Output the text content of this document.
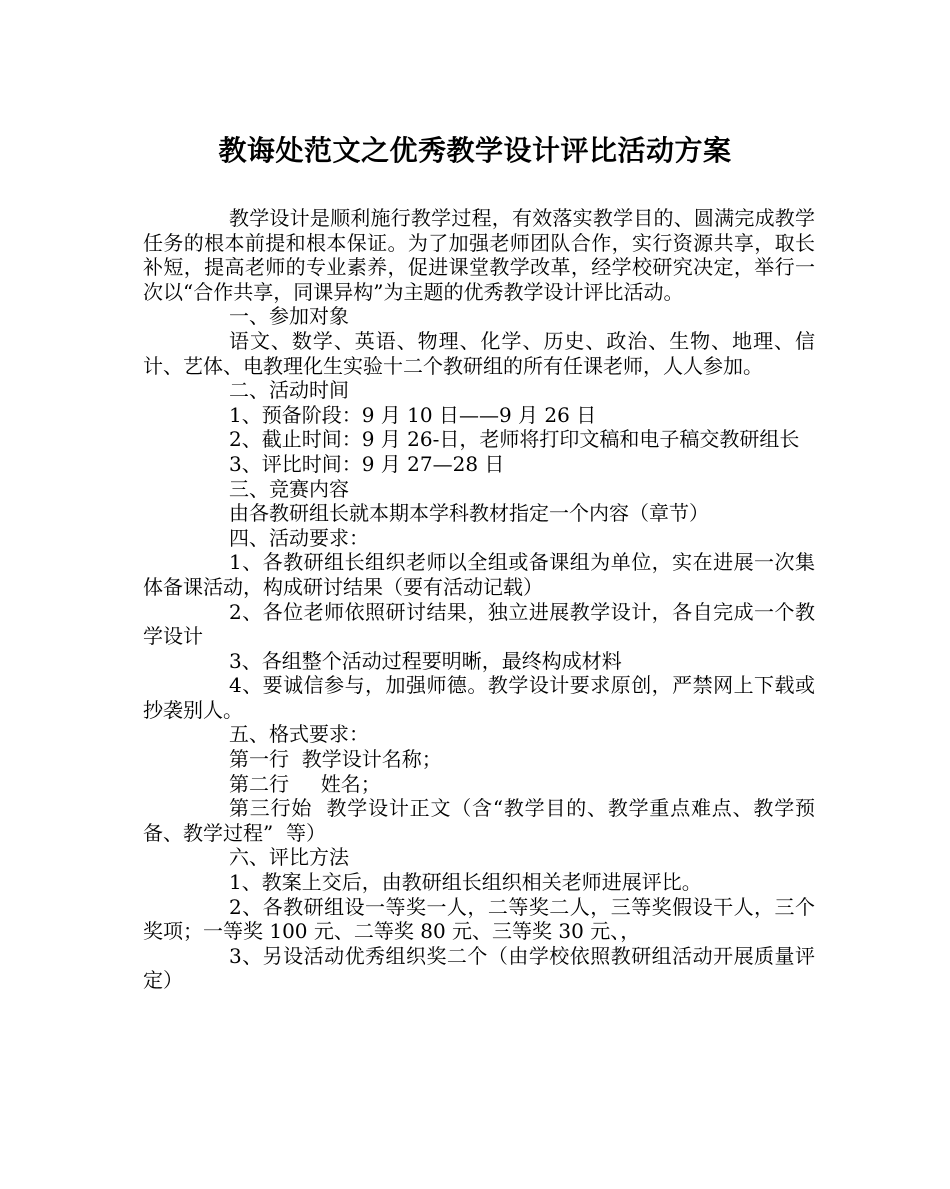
教诲处范文之优秀教学设计评比活动方案

教学设计是顺利施行教学过程，有效落实教学目的、圆满完成教学任务的根本前提和根本保证。为了加强老师团队合作，实行资源共享，取长补短，提高老师的专业素养，促进课堂教学改革，经学校研究决定，举行一次以“合作共享，同课异构”为主题的优秀教学设计评比活动。

一、参加对象

语文、数学、英语、物理、化学、历史、政治、生物、地理、信计、艺体、电教理化生实验十二个教研组的所有任课老师，人人参加。

二、活动时间

1、预备阶段：9 月 10 日——9 月 26 日

2、截止时间：9 月 26-日，老师将打印文稿和电子稿交教研组长

3、评比时间：9 月 27—28 日

三、竞赛内容

由各教研组长就本期本学科教材指定一个内容（章节）

四、活动要求：

1、各教研组长组织老师以全组或备课组为单位，实在进展一次集体备课活动，构成研讨结果（要有活动记载）

2、各位老师依照研讨结果，独立进展教学设计，各自完成一个教学设计

3、各组整个活动过程要明晰，最终构成材料

4、要诚信参与，加强师德。教学设计要求原创，严禁网上下载或抄袭别人。

五、格式要求：

第一行  教学设计名称；

第二行     姓名；

第三行始  教学设计正文（含“教学目的、教学重点难点、教学预备、教学过程”  等）

六、评比方法

1、教案上交后，由教研组长组织相关老师进展评比。

2、各教研组设一等奖一人，二等奖二人，三等奖假设干人，三个奖项；一等奖 100 元、二等奖 80 元、三等奖 30 元、，

3、另设活动优秀组织奖二个（由学校依照教研组活动开展质量评定）
